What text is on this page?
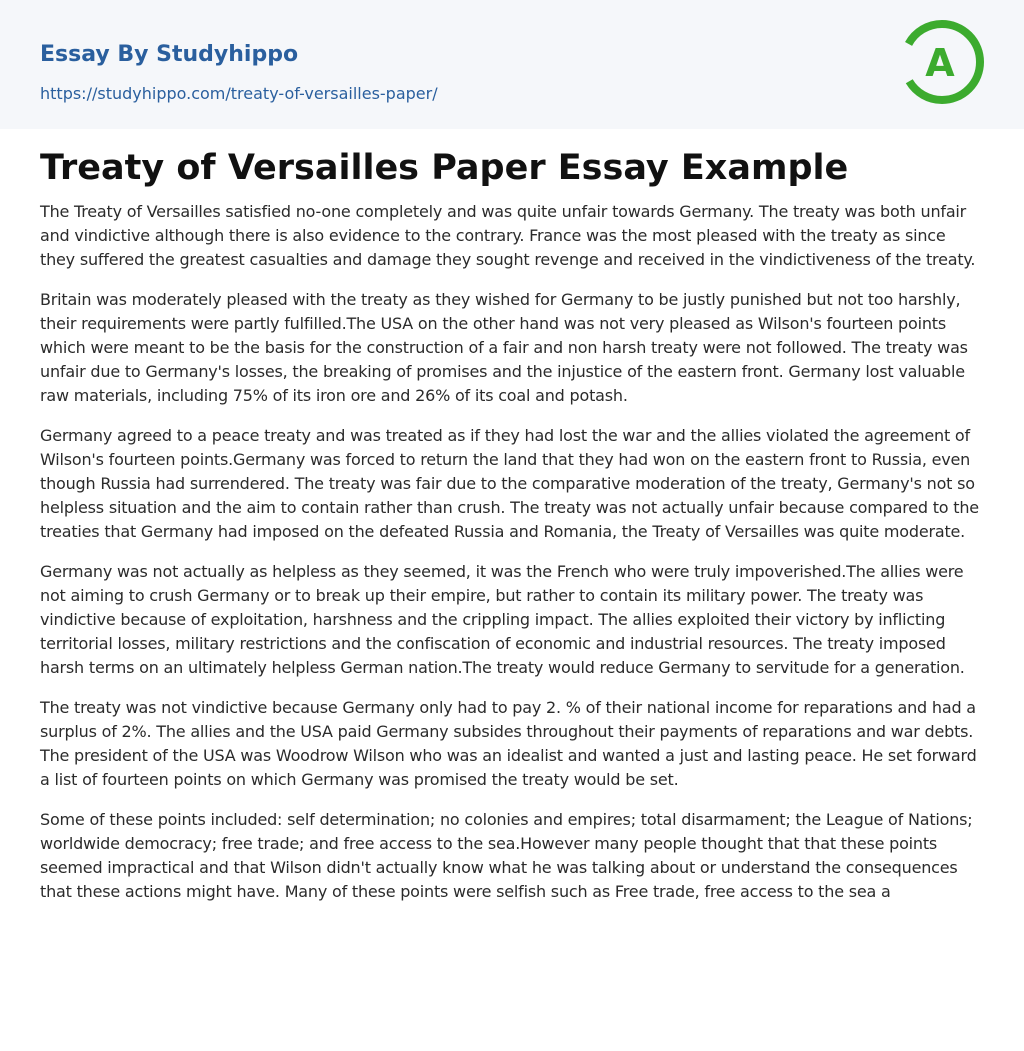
Essay By Studyhippo
https://studyhippo.com/treaty-of-versailles-paper/
A
Treaty of Versailles Paper Essay Example

The Treaty of Versailles satisfied no-one completely and was quite unfair towards Germany. The treaty was both unfair and vindictive although there is also evidence to the contrary. France was the most pleased with the treaty as since they suffered the greatest casualties and damage they sought revenge and received in the vindictiveness of the treaty.

Britain was moderately pleased with the treaty as they wished for Germany to be justly punished but not too harshly, their requirements were partly fulfilled.The USA on the other hand was not very pleased as Wilson's fourteen points which were meant to be the basis for the construction of a fair and non harsh treaty were not followed. The treaty was unfair due to Germany's losses, the breaking of promises and the injustice of the eastern front. Germany lost valuable raw materials, including 75% of its iron ore and 26% of its coal and potash.

Germany agreed to a peace treaty and was treated as if they had lost the war and the allies violated the agreement of Wilson's fourteen points.Germany was forced to return the land that they had won on the eastern front to Russia, even though Russia had surrendered. The treaty was fair due to the comparative moderation of the treaty, Germany's not so helpless situation and the aim to contain rather than crush. The treaty was not actually unfair because compared to the treaties that Germany had imposed on the defeated Russia and Romania, the Treaty of Versailles was quite moderate.

Germany was not actually as helpless as they seemed, it was the French who were truly impoverished.The allies were not aiming to crush Germany or to break up their empire, but rather to contain its military power. The treaty was vindictive because of exploitation, harshness and the crippling impact. The allies exploited their victory by inflicting territorial losses, military restrictions and the confiscation of economic and industrial resources. The treaty imposed harsh terms on an ultimately helpless German nation.The treaty would reduce Germany to servitude for a generation.

The treaty was not vindictive because Germany only had to pay 2. % of their national income for reparations and had a surplus of 2%. The allies and the USA paid Germany subsides throughout their payments of reparations and war debts. The president of the USA was Woodrow Wilson who was an idealist and wanted a just and lasting peace. He set forward a list of fourteen points on which Germany was promised the treaty would be set.

Some of these points included: self determination; no colonies and empires; total disarmament; the League of Nations; worldwide democracy; free trade; and free access to the sea.However many people thought that that these points seemed impractical and that Wilson didn't actually know what he was talking about or understand the consequences that these actions might have. Many of these points were selfish such as Free trade, free access to the sea a
